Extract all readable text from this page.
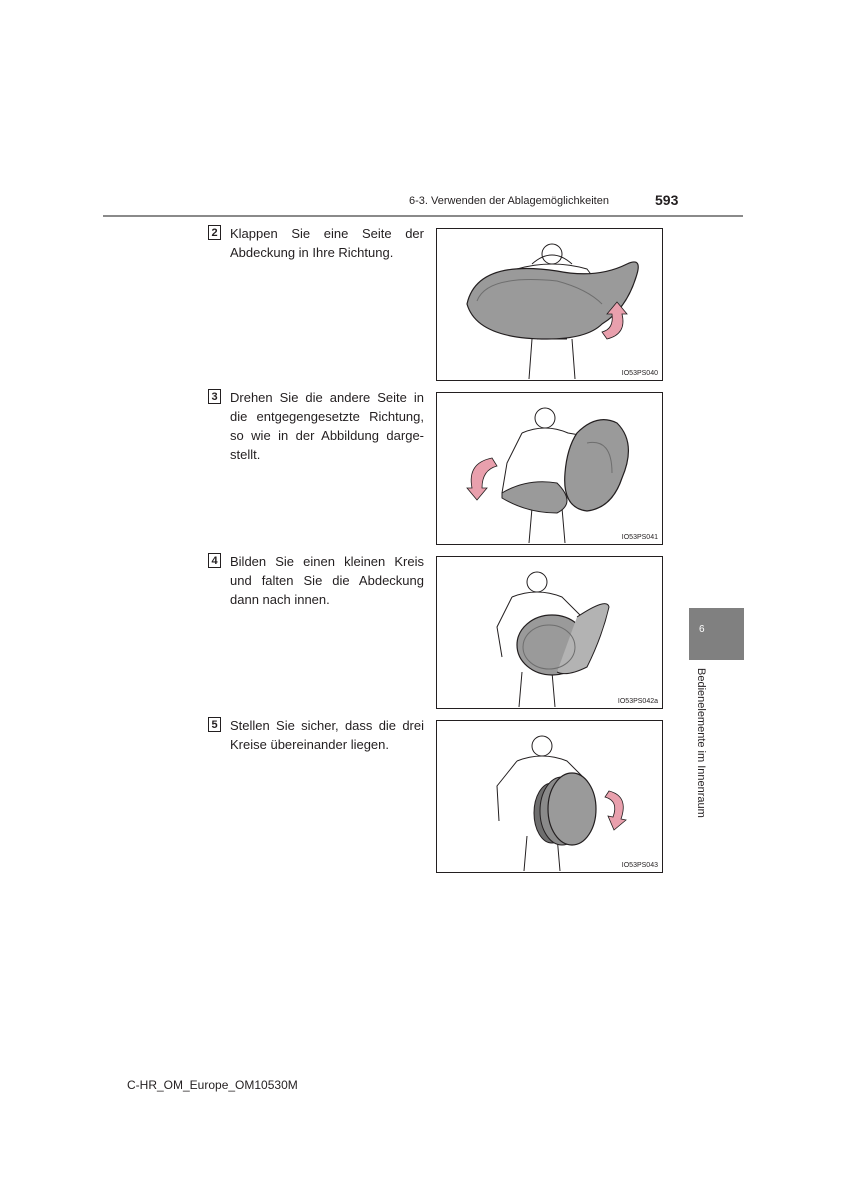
6-3. Verwenden der Ablagemöglichkeiten	593
2 Klappen Sie eine Seite der Abdeckung in Ihre Richtung.
IO53PS040
3 Drehen Sie die andere Seite in die entgegengesetzte Richtung, so wie in der Abbildung darge-stellt.
IO53PS041
4 Bilden Sie einen kleinen Kreis und falten Sie die Abdeckung dann nach innen.
IO53PS042a
5 Stellen Sie sicher, dass die drei Kreise übereinander liegen.
IO53PS043
6
Bedienelemente im Innenraum
C-HR_OM_Europe_OM10530M
